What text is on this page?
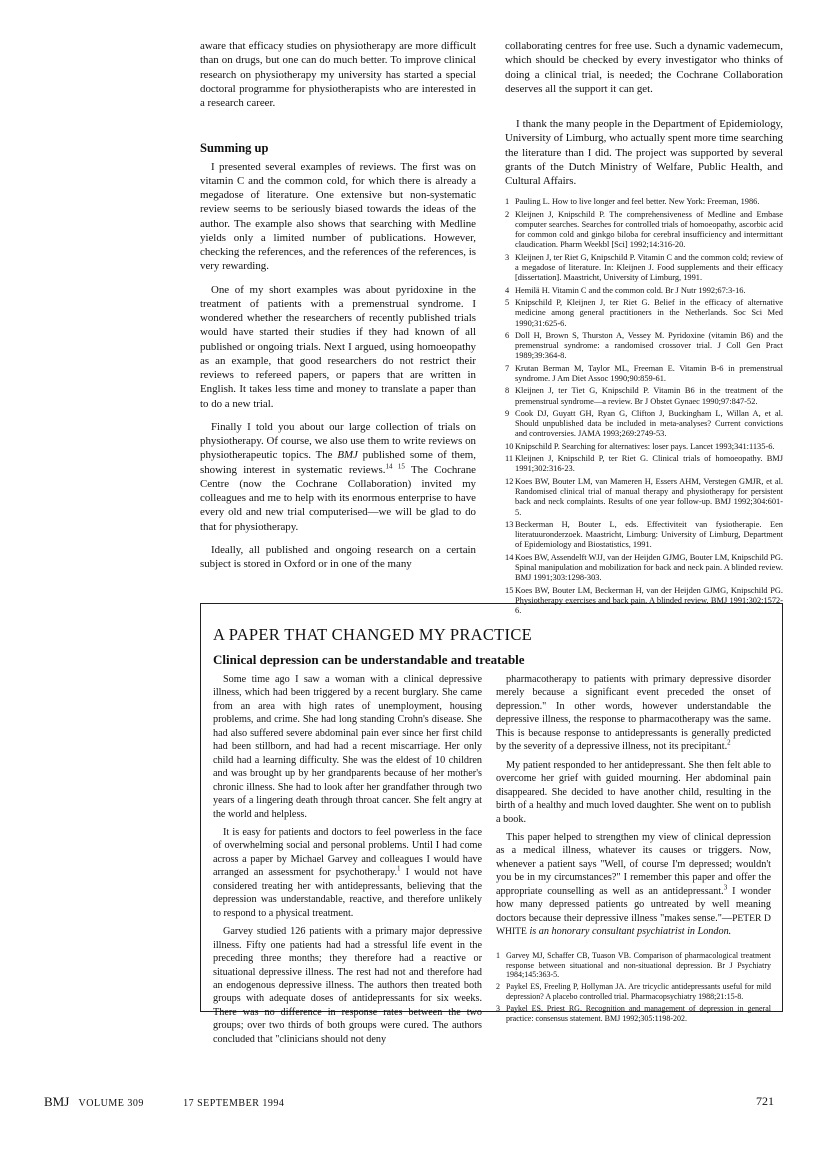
aware that efficacy studies on physiotherapy are more difficult than on drugs, but one can do much better. To improve clinical research on physiotherapy my university has started a special doctoral programme for physiotherapists who are interested in a research career.

Summing up

I presented several examples of reviews. The first was on vitamin C and the common cold, for which there is already a megadose of literature. One extensive but non-systematic review seems to be seriously biased towards the ideas of the author. The example also shows that searching with Medline yields only a limited number of publications. However, checking the references, and the references of the references, is very rewarding.

One of my short examples was about pyridoxine in the treatment of patients with a premenstrual syndrome. I wondered whether the researchers of recently published trials would have started their studies if they had known of all published or ongoing trials. Next I argued, using homoeopathy as an example, that good researchers do not restrict their reviews to refereed papers, or papers that are written in English. It takes less time and money to translate a paper than to do a new trial.

Finally I told you about our large collection of trials on physiotherapy. Of course, we also use them to write reviews on physiotherapeutic topics. The BMJ published some of them, showing interest in systematic reviews.$^{14 15}$ The Cochrane Centre (now the Cochrane Collaboration) invited my colleagues and me to help with its enormous enterprise to have every old and new trial computerised—we will be glad to do that for physiotherapy.

Ideally, all published and ongoing research on a certain subject is stored in Oxford or in one of the many

collaborating centres for free use. Such a dynamic vademecum, which should be checked by every investigator who thinks of doing a clinical trial, is needed; the Cochrane Collaboration deserves all the support it can get.

I thank the many people in the Department of Epidemiology, University of Limburg, who actually spent more time searching the literature than I did. The project was supported by several grants of the Dutch Ministry of Welfare, Public Health, and Cultural Affairs.

1 Pauling L. How to live longer and feel better. New York: Freeman, 1986.
2 Kleijnen J, Knipschild P. The comprehensiveness of Medline and Embase computer searches. Searches for controlled trials of homoeopathy, ascorbic acid for common cold and ginkgo biloba for cerebral insufficiency and intermittant claudication. Pharm Weekbl [Sci] 1992;14:316-20.
3 Kleijnen J, ter Riet G, Knipschild P. Vitamin C and the common cold; review of a megadose of literature. In: Kleijnen J. Food supplements and their efficacy [dissertation]. Maastricht, University of Limburg, 1991.
4 Hemilä H. Vitamin C and the common cold. Br J Nutr 1992;67:3-16.
5 Knipschild P, Kleijnen J, ter Riet G. Belief in the efficacy of alternative medicine among general practitioners in the Netherlands. Soc Sci Med 1990;31:625-6.
6 Doll H, Brown S, Thurston A, Vessey M. Pyridoxine (vitamin B6) and the premenstrual syndrome: a randomised crossover trial. J Coll Gen Pract 1989;39:364-8.
7 Krutan Berman M, Taylor ML, Freeman E. Vitamin B-6 in premenstrual syndrome. J Am Diet Assoc 1990;90:859-61.
8 Kleijnen J, ter Tiet G, Knipschild P. Vitamin B6 in the treatment of the premenstrual syndrome—a review. Br J Obstet Gynaec 1990;97:847-52.
9 Cook DJ, Guyatt GH, Ryan G, Clifton J, Buckingham L, Willan A, et al. Should unpublished data be included in meta-analyses? Current convictions and controversies. JAMA 1993;269:2749-53.
10 Knipschild P. Searching for alternatives: loser pays. Lancet 1993;341:1135-6.
11 Kleijnen J, Knipschild P, ter Riet G. Clinical trials of homoeopathy. BMJ 1991;302:316-23.
12 Koes BW, Bouter LM, van Mameren H, Essers AHM, Verstegen GMJR, et al. Randomised clinical trial of manual therapy and physiotherapy for persistent back and neck complaints. Results of one year follow-up. BMJ 1992;304:601-5.
13 Beckerman H, Bouter L, eds. Effectiviteit van fysiotherapie. Een literatuuronderzoek. Maastricht, Limburg: University of Limburg, Department of Epidemiology and Biostatistics, 1991.
14 Koes BW, Assendelft WJJ, van der Heijden GJMG, Bouter LM, Knipschild PG. Spinal manipulation and mobilization for back and neck pain. A blinded review. BMJ 1991;303:1298-303.
15 Koes BW, Bouter LM, Beckerman H, van der Heijden GJMG, Knipschild PG. Physiotherapy exercises and back pain. A blinded review. BMJ 1991;302:1572-6.
A PAPER THAT CHANGED MY PRACTICE
Clinical depression can be understandable and treatable

Some time ago I saw a woman with a clinical depressive illness, which had been triggered by a recent burglary. She came from an area with high rates of unemployment, housing problems, and crime. She had long standing Crohn's disease. She had also suffered severe abdominal pain ever since her first child had been stillborn, and had had a recent miscarriage. Her only child had a learning difficulty. She was the eldest of 10 children and was brought up by her grandparents because of her mother's chronic illness. She had to look after her grandfather through two years of a lingering death through throat cancer. She felt angry at the world and helpless.

It is easy for patients and doctors to feel powerless in the face of overwhelming social and personal problems. Until I had come across a paper by Michael Garvey and colleagues I would have arranged an assessment for psychotherapy.$^1$ I would not have considered treating her with antidepressants, believing that the depression was understandable, reactive, and therefore unlikely to respond to a physical treatment.

Garvey studied 126 patients with a primary major depressive illness. Fifty one patients had had a stressful life event in the preceding three months; they therefore had a reactive or situational depressive illness. The rest had not and therefore had an endogenous depressive illness. The authors then treated both groups with adequate doses of antidepressants for six weeks. There was no difference in response rates between the two groups; over two thirds of both groups were cured. The authors concluded that "clinicians should not deny

pharmacotherapy to patients with primary depressive disorder merely because a significant event preceded the onset of depression." In other words, however understandable the depressive illness, the response to pharmacotherapy was the same. This is because response to antidepressants is generally predicted by the severity of a depressive illness, not its precipitant.$^2$

My patient responded to her antidepressant. She then felt able to overcome her grief with guided mourning. Her abdominal pain disappeared. She decided to have another child, resulting in the birth of a healthy and much loved daughter. She went on to publish a book.

This paper helped to strengthen my view of clinical depression as a medical illness, whatever its causes or triggers. Now, whenever a patient says "Well, of course I'm depressed; wouldn't you be in my circumstances?" I remember this paper and offer the appropriate counselling as well as an antidepressant.$^3$ I wonder how many depressed patients go untreated by well meaning doctors because their depressive illness "makes sense."—PETER D WHITE is an honorary consultant psychiatrist in London.

1 Garvey MJ, Schaffer CB, Tuason VB. Comparison of pharmacological treatment response between situational and non-situational depression. Br J Psychiatry 1984;145:363-5.
2 Paykel ES, Freeling P, Hollyman JA. Are tricyclic antidepressants useful for mild depression? A placebo controlled trial. Pharmacopsychiatry 1988;21:15-8.
3 Paykel ES, Priest RG. Recognition and management of depression in general practice: consensus statement. BMJ 1992;305:1198-202.
BMJ VOLUME 309	17 SEPTEMBER 1994	721
